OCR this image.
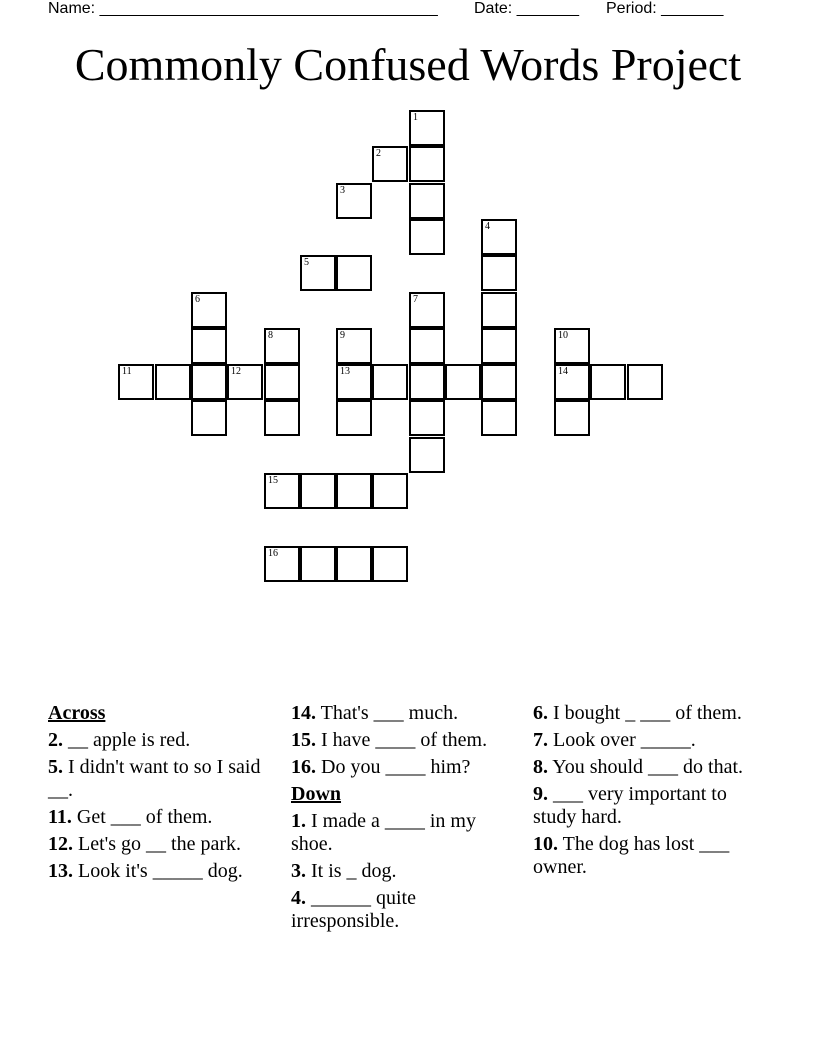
Name: ______________________________________ Date: _______ Period: _______
Commonly Confused Words Project
1
2
3
4
5
6	7
8	9	10
11	12	13	14
15
16
Across
2. __ apple is red.
5. I didn't want to so I said __.
11. Get ___ of them.
12. Let's go __ the park.
13. Look it's _____ dog.
14. That's ___ much.
15. I have ____ of them.
16. Do you ____ him?
Down
1. I made a ____ in my shoe.
3. It is _ dog.
4. ______ quite irresponsible.
6. I bought _ ___ of them.
7. Look over _____.
8. You should ___ do that.
9. ___ very important to study hard.
10. The dog has lost ___ owner.
